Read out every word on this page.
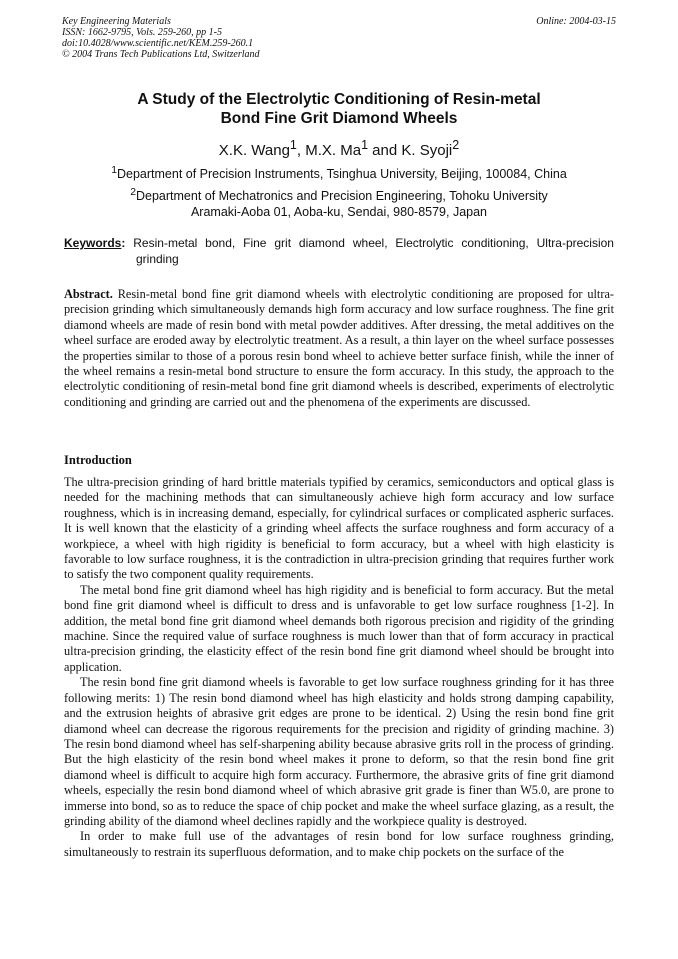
Key Engineering Materials
ISSN: 1662-9795, Vols. 259-260, pp 1-5
doi:10.4028/www.scientific.net/KEM.259-260.1
© 2004 Trans Tech Publications Ltd, Switzerland
Online: 2004-03-15
A Study of the Electrolytic Conditioning of Resin-metal
Bond Fine Grit Diamond Wheels
X.K. Wang$^1$, M.X. Ma$^1$ and K. Syoji$^2$
$^1$Department of Precision Instruments, Tsinghua University, Beijing, 100084, China
$^2$Department of Mechatronics and Precision Engineering, Tohoku University
Aramaki-Aoba 01, Aoba-ku, Sendai, 980-8579, Japan
Keywords: Resin-metal bond, Fine grit diamond wheel, Electrolytic conditioning, Ultra-precision
grinding

Abstract. Resin-metal bond fine grit diamond wheels with electrolytic conditioning are proposed for ultra-precision grinding which simultaneously demands high form accuracy and low surface roughness. The fine grit diamond wheels are made of resin bond with metal powder additives. After dressing, the metal additives on the wheel surface are eroded away by electrolytic treatment. As a result, a thin layer on the wheel surface possesses the properties similar to those of a porous resin bond wheel to achieve better surface finish, while the inner of the wheel remains a resin-metal bond structure to ensure the form accuracy. In this study, the approach to the electrolytic conditioning of resin-metal bond fine grit diamond wheels is described, experiments of electrolytic conditioning and grinding are carried out and the phenomena of the experiments are discussed.

Introduction

The ultra-precision grinding of hard brittle materials typified by ceramics, semiconductors and optical glass is needed for the machining methods that can simultaneously achieve high form accuracy and low surface roughness, which is in increasing demand, especially, for cylindrical surfaces or complicated aspheric surfaces. It is well known that the elasticity of a grinding wheel affects the surface roughness and form accuracy of a workpiece, a wheel with high rigidity is beneficial to form accuracy, but a wheel with high elasticity is favorable to low surface roughness, it is the contradiction in ultra-precision grinding that requires further work to satisfy the two component quality requirements.

The metal bond fine grit diamond wheel has high rigidity and is beneficial to form accuracy. But the metal bond fine grit diamond wheel is difficult to dress and is unfavorable to get low surface roughness [1-2]. In addition, the metal bond fine grit diamond wheel demands both rigorous precision and rigidity of the grinding machine. Since the required value of surface roughness is much lower than that of form accuracy in practical ultra-precision grinding, the elasticity effect of the resin bond fine grit diamond wheel should be brought into application.

The resin bond fine grit diamond wheels is favorable to get low surface roughness grinding for it has three following merits: 1) The resin bond diamond wheel has high elasticity and holds strong damping capability, and the extrusion heights of abrasive grit edges are prone to be identical. 2) Using the resin bond fine grit diamond wheel can decrease the rigorous requirements for the precision and rigidity of grinding machine. 3) The resin bond diamond wheel has self-sharpening ability because abrasive grits roll in the process of grinding. But the high elasticity of the resin bond wheel makes it prone to deform, so that the resin bond fine grit diamond wheel is difficult to acquire high form accuracy. Furthermore, the abrasive grits of fine grit diamond wheels, especially the resin bond diamond wheel of which abrasive grit grade is finer than W5.0, are prone to immerse into bond, so as to reduce the space of chip pocket and make the wheel surface glazing, as a result, the grinding ability of the diamond wheel declines rapidly and the workpiece quality is destroyed.

In order to make full use of the advantages of resin bond for low surface roughness grinding, simultaneously to restrain its superfluous deformation, and to make chip pockets on the surface of the
